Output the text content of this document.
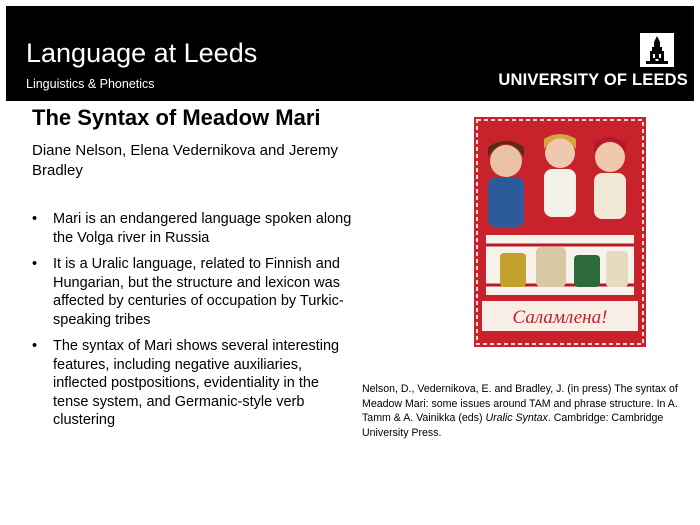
Language at Leeds
Linguistics & Phonetics	UNIVERSITY OF LEEDS
The Syntax of Meadow Mari
Diane Nelson, Elena Vedernikova and Jeremy Bradley
• Mari is an endangered language spoken along the Volga river in Russia
• It is a Uralic language, related to Finnish and Hungarian, but the structure and lexicon was affected by centuries of occupation by Turkic-speaking tribes
• The syntax of Mari shows several interesting features, including negative auxiliaries, inflected postpositions, evidentiality in the tense system, and Germanic-style verb clustering
Саламлена!
Nelson, D., Vedernikova, E. and Bradley, J. (in press) The syntax of Meadow Mari: some issues around TAM and phrase structure. In A. Tamm & A. Vainikka (eds) Uralic Syntax. Cambridge: Cambridge University Press.
